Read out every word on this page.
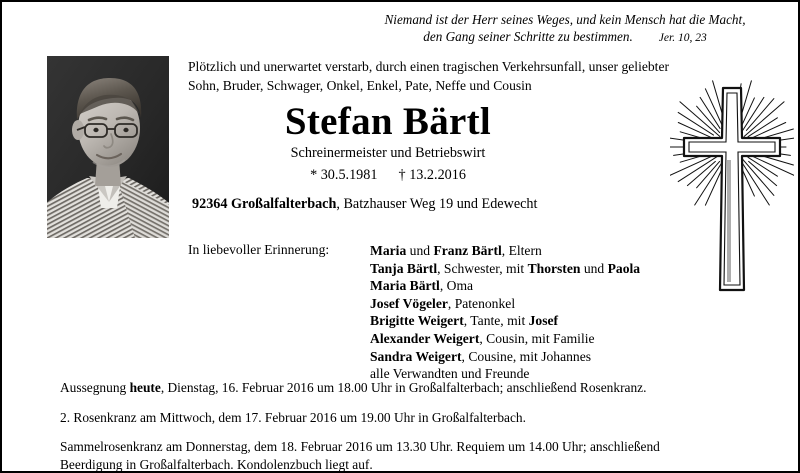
Niemand ist der Herr seines Weges, und kein Mensch hat die Macht,
den Gang seiner Schritte zu bestimmen. Jer. 10, 23
Plötzlich und unerwartet verstarb, durch einen tragischen Verkehrsunfall, unser geliebter
Sohn, Bruder, Schwager, Onkel, Enkel, Pate, Neffe und Cousin
Stefan Bärtl
Schreinermeister und Betriebswirt
* 30.5.1981 † 13.2.2016
92364 Großalfalterbach, Batzhauser Weg 19 und Edewecht
In liebevoller Erinnerung:	Maria und Franz Bärtl, Eltern
Tanja Bärtl, Schwester, mit Thorsten und Paola
Maria Bärtl, Oma
Josef Vögeler, Patenonkel
Brigitte Weigert, Tante, mit Josef
Alexander Weigert, Cousin, mit Familie
Sandra Weigert, Cousine, mit Johannes
alle Verwandten und Freunde

Aussegnung heute, Dienstag, 16. Februar 2016 um 18.00 Uhr in Großalfalterbach; anschließend Rosenkranz.

2. Rosenkranz am Mittwoch, dem 17. Februar 2016 um 19.00 Uhr in Großalfalterbach.

Sammelrosenkranz am Donnerstag, dem 18. Februar 2016 um 13.30 Uhr. Requiem um 14.00 Uhr; anschließend
Beerdigung in Großalfalterbach. Kondolenzbuch liegt auf.
